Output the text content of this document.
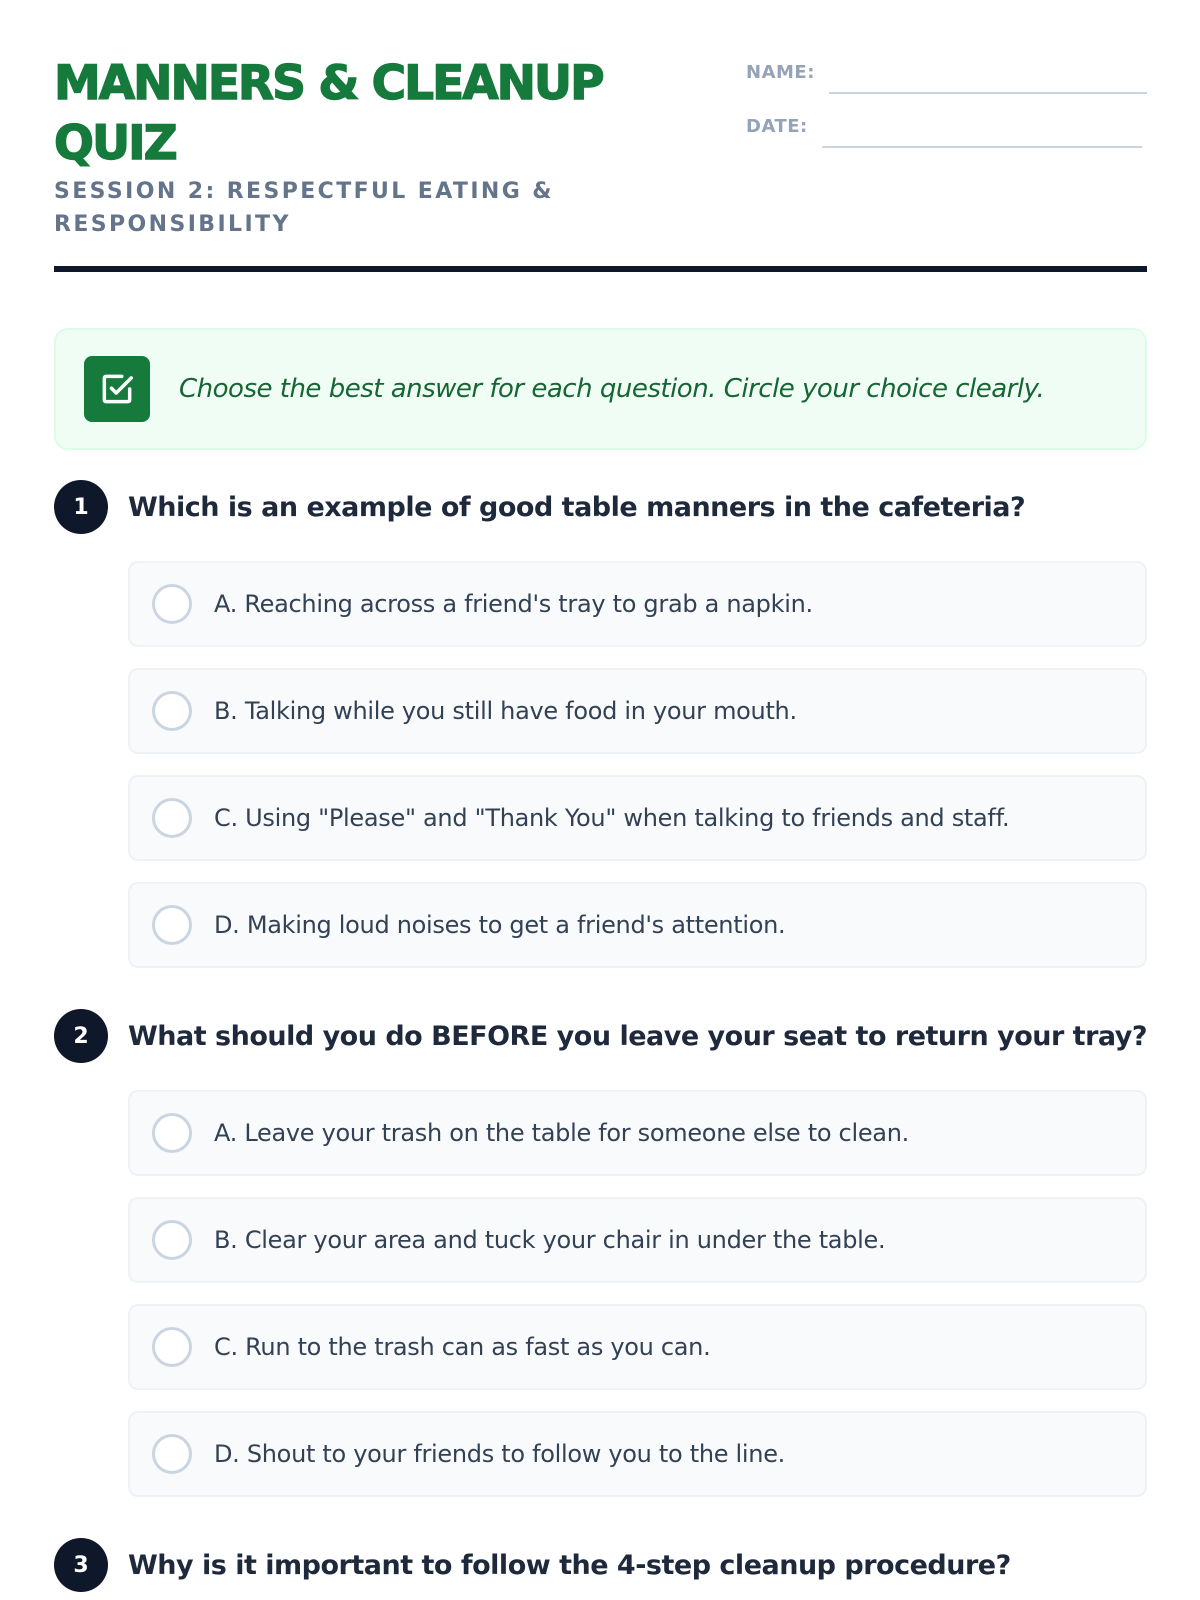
MANNERS & CLEANUP QUIZ
SESSION 2: RESPECTFUL EATING & RESPONSIBILITY
NAME:
DATE:
Choose the best answer for each question. Circle your choice clearly.
1	Which is an example of good table manners in the cafeteria?
A. Reaching across a friend's tray to grab a napkin.
B. Talking while you still have food in your mouth.
C. Using "Please" and "Thank You" when talking to friends and staff.
D. Making loud noises to get a friend's attention.
2	What should you do BEFORE you leave your seat to return your tray?
A. Leave your trash on the table for someone else to clean.
B. Clear your area and tuck your chair in under the table.
C. Run to the trash can as fast as you can.
D. Shout to your friends to follow you to the line.
3	Why is it important to follow the 4-step cleanup procedure?
